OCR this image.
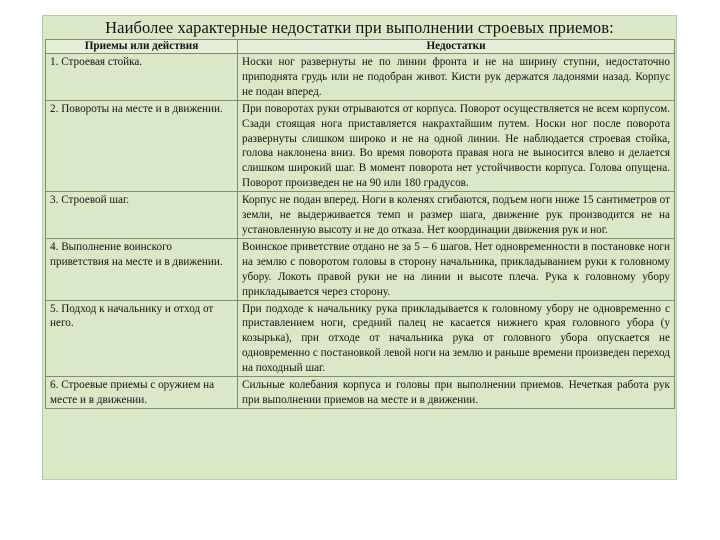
Наиболее характерные недостатки при выполнении строевых приемов:
Приемы или действия	Недостатки
1. Строевая стойка.	Носки ног развернуты не по линии фронта и не на ширину ступни, недостаточно приподнята грудь или не подобран живот. Кисти рук держатся ладонями назад. Корпус не подан вперед.
2. Повороты на месте и в движении.	При поворотах руки отрываются от корпуса. Поворот осуществляется не всем корпусом. Сзади стоящая нога приставляется накрахтайшим путем. Носки ног после поворота развернуты слишком широко и не на одной линии. Не наблюдается строевая стойка, голова наклонена вниз. Во время поворота правая нога не выносится влево и делается слишком широкий шаг. В момент поворота нет устойчивости корпуса. Голова опущена. Поворот произведен не на 90 или 180 градусов.
3. Строевой шаг.	Корпус не подан вперед. Ноги в коленях сгибаются, подъем ноги ниже 15 сантиметров от земли, не выдерживается темп и размер шага, движение рук производится не на установленную высоту и не до отказа. Нет координации движения рук и ног.
4. Выполнение воинского приветствия на месте и в движении.	Воинское приветствие отдано не за 5 – 6 шагов. Нет одновременности в постановке ноги на землю с поворотом головы в сторону начальника, прикладыванием руки к головному убору. Локоть правой руки не на линии и высоте плеча. Рука к головному убору прикладывается через сторону.
5. Подход к начальнику и отход от него.	При подходе к начальнику рука прикладывается к головному убору не одновременно с приставлением ноги, средний палец не касается нижнего края головного убора (у козырька), при отходе от начальника рука от головного убора опускается не одновременно с постановкой левой ноги на землю и раньше времени произведен переход на походный шаг.
6. Строевые приемы с оружием на месте и в движении.	Сильные колебания корпуса и головы при выполнении приемов. Нечеткая работа рук при выполнении приемов на месте и в движении.
